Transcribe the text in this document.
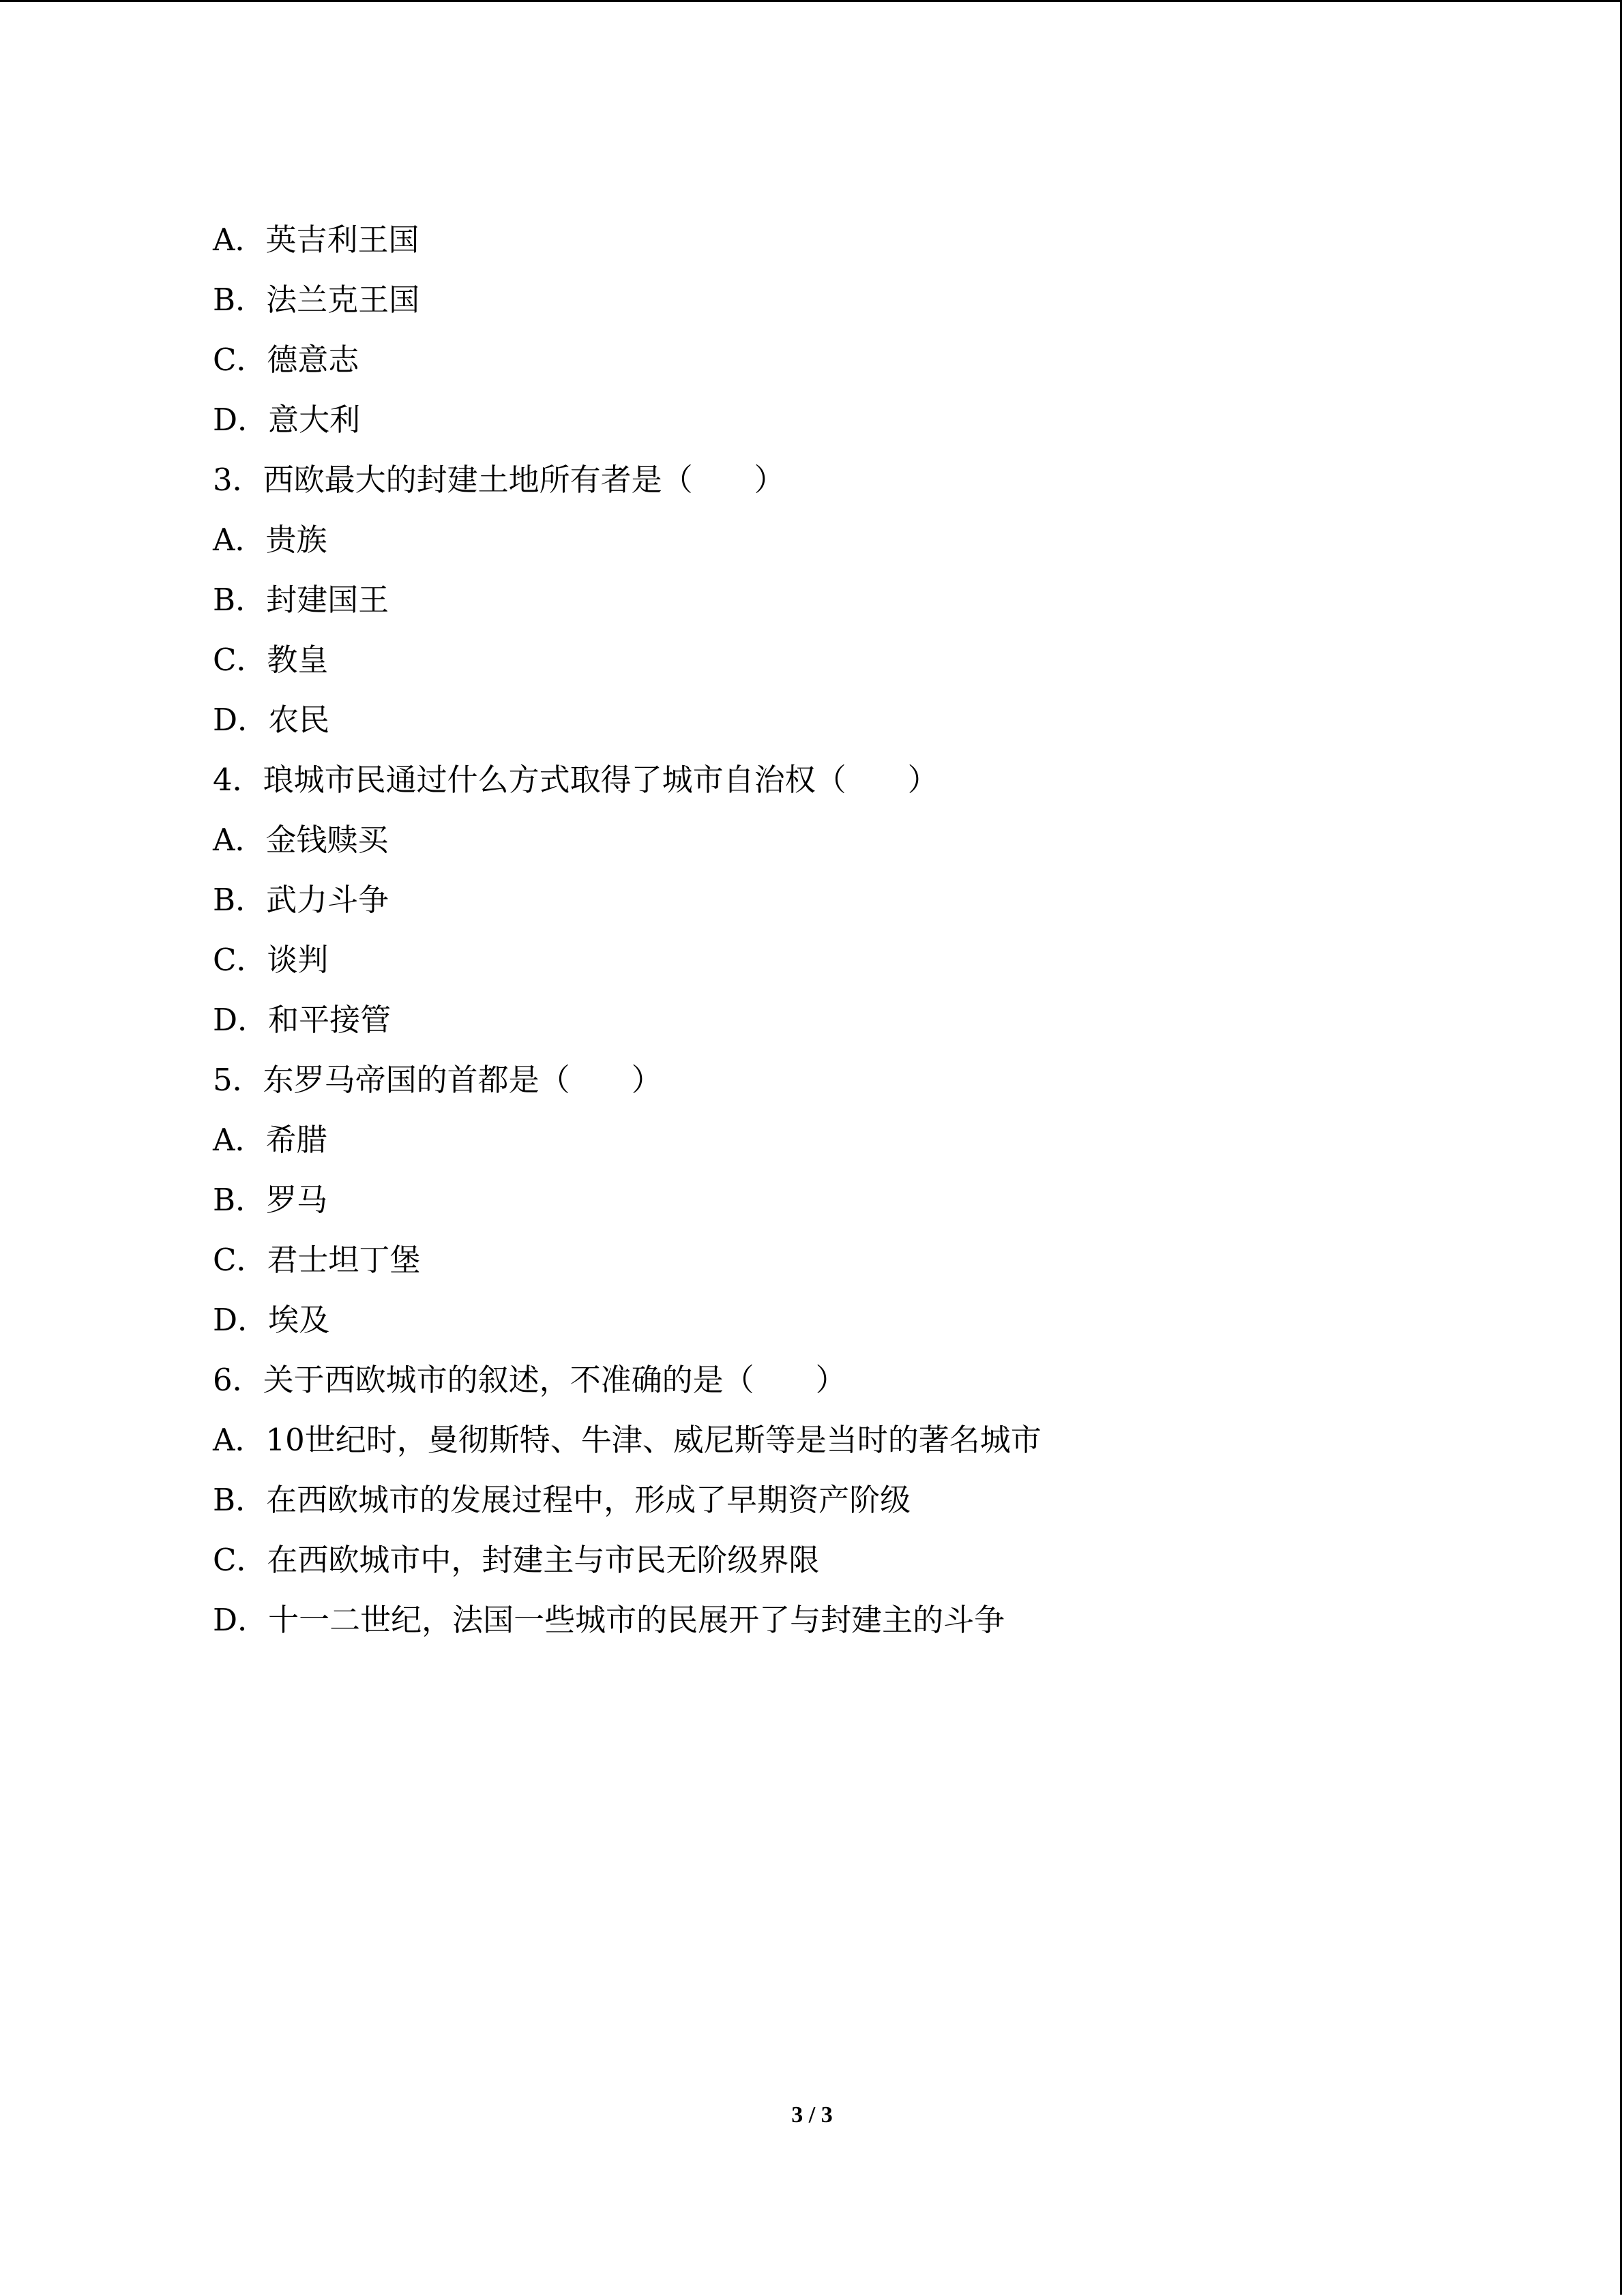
A．英吉利王国
B．法兰克王国
C．德意志
D．意大利
3．西欧最大的封建土地所有者是（　　）
A．贵族
B．封建国王
C．教皇
D．农民
4．琅城市民通过什么方式取得了城市自治权（　　）
A．金钱赎买
B．武力斗争
C．谈判
D．和平接管
5．东罗马帝国的首都是（　　）
A．希腊
B．罗马
C．君士坦丁堡
D．埃及
6．关于西欧城市的叙述，不准确的是（　　）
A．10世纪时，曼彻斯特、牛津、威尼斯等是当时的著名城市
B．在西欧城市的发展过程中，形成了早期资产阶级
C．在西欧城市中，封建主与市民无阶级界限
D．十一二世纪，法国一些城市的民展开了与封建主的斗争
3 / 3
